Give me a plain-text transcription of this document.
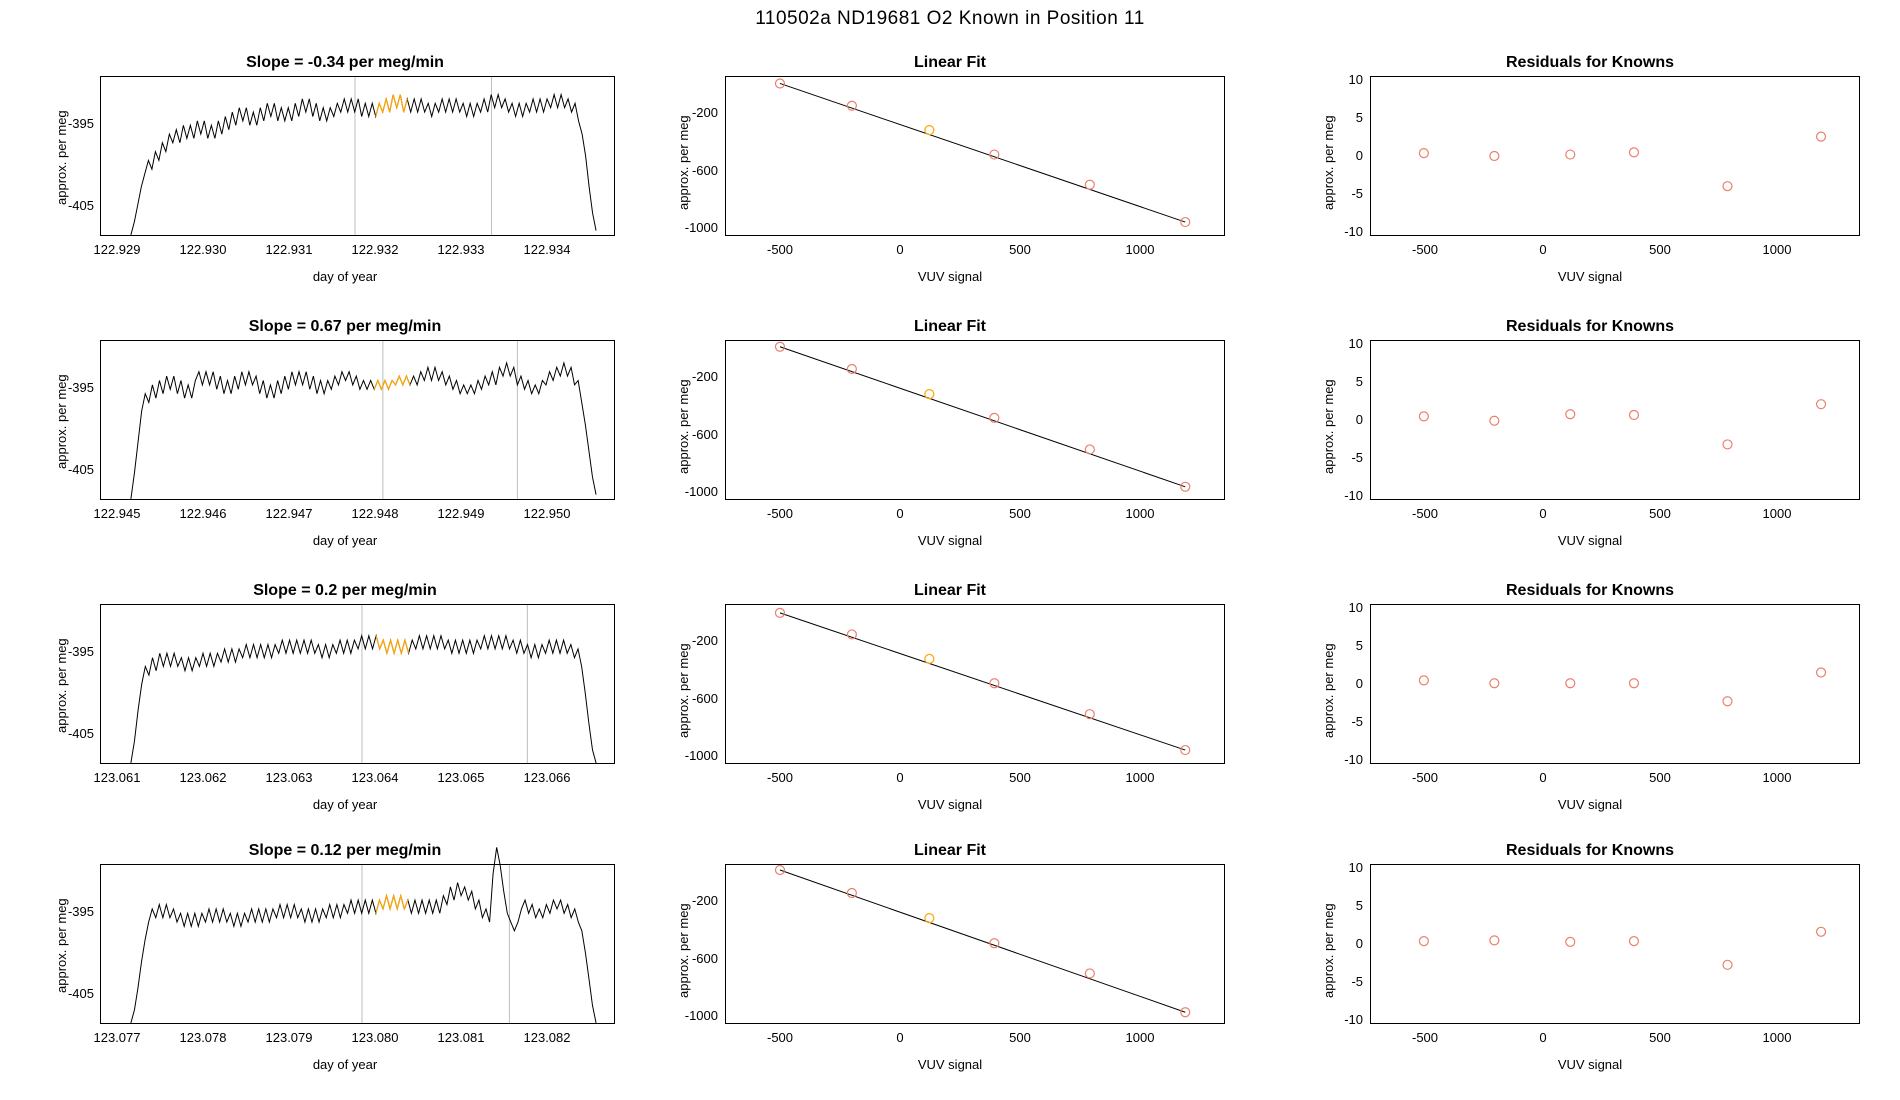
110502a ND19681 O2 Known in Position 11
Slope = -0.34 per meg/min
approx. per meg
-395
-405
122.929	122.930	122.931	122.932	122.933	122.934
day of year
Linear Fit
approx. per meg
-200
-600
-1000
-500	0	500	1000
VUV signal
Residuals for Knowns
approx. per meg
10
5
0
-5
-10
-500	0	500	1000
VUV signal
Slope = 0.67 per meg/min
approx. per meg
-395
-405
122.945	122.946	122.947	122.948	122.949	122.950
day of year
Linear Fit
approx. per meg
-200
-600
-1000
-500	0	500	1000
VUV signal
Residuals for Knowns
approx. per meg
10
5
0
-5
-10
-500	0	500	1000
VUV signal
Slope = 0.2 per meg/min
approx. per meg
-395
-405
123.061	123.062	123.063	123.064	123.065	123.066
day of year
Linear Fit
approx. per meg
-200
-600
-1000
-500	0	500	1000
VUV signal
Residuals for Knowns
approx. per meg
10
5
0
-5
-10
-500	0	500	1000
VUV signal
Slope = 0.12 per meg/min
approx. per meg
-395
-405
123.077	123.078	123.079	123.080	123.081	123.082
day of year
Linear Fit
approx. per meg
-200
-600
-1000
-500	0	500	1000
VUV signal
Residuals for Knowns
approx. per meg
10
5
0
-5
-10
-500	0	500	1000
VUV signal
